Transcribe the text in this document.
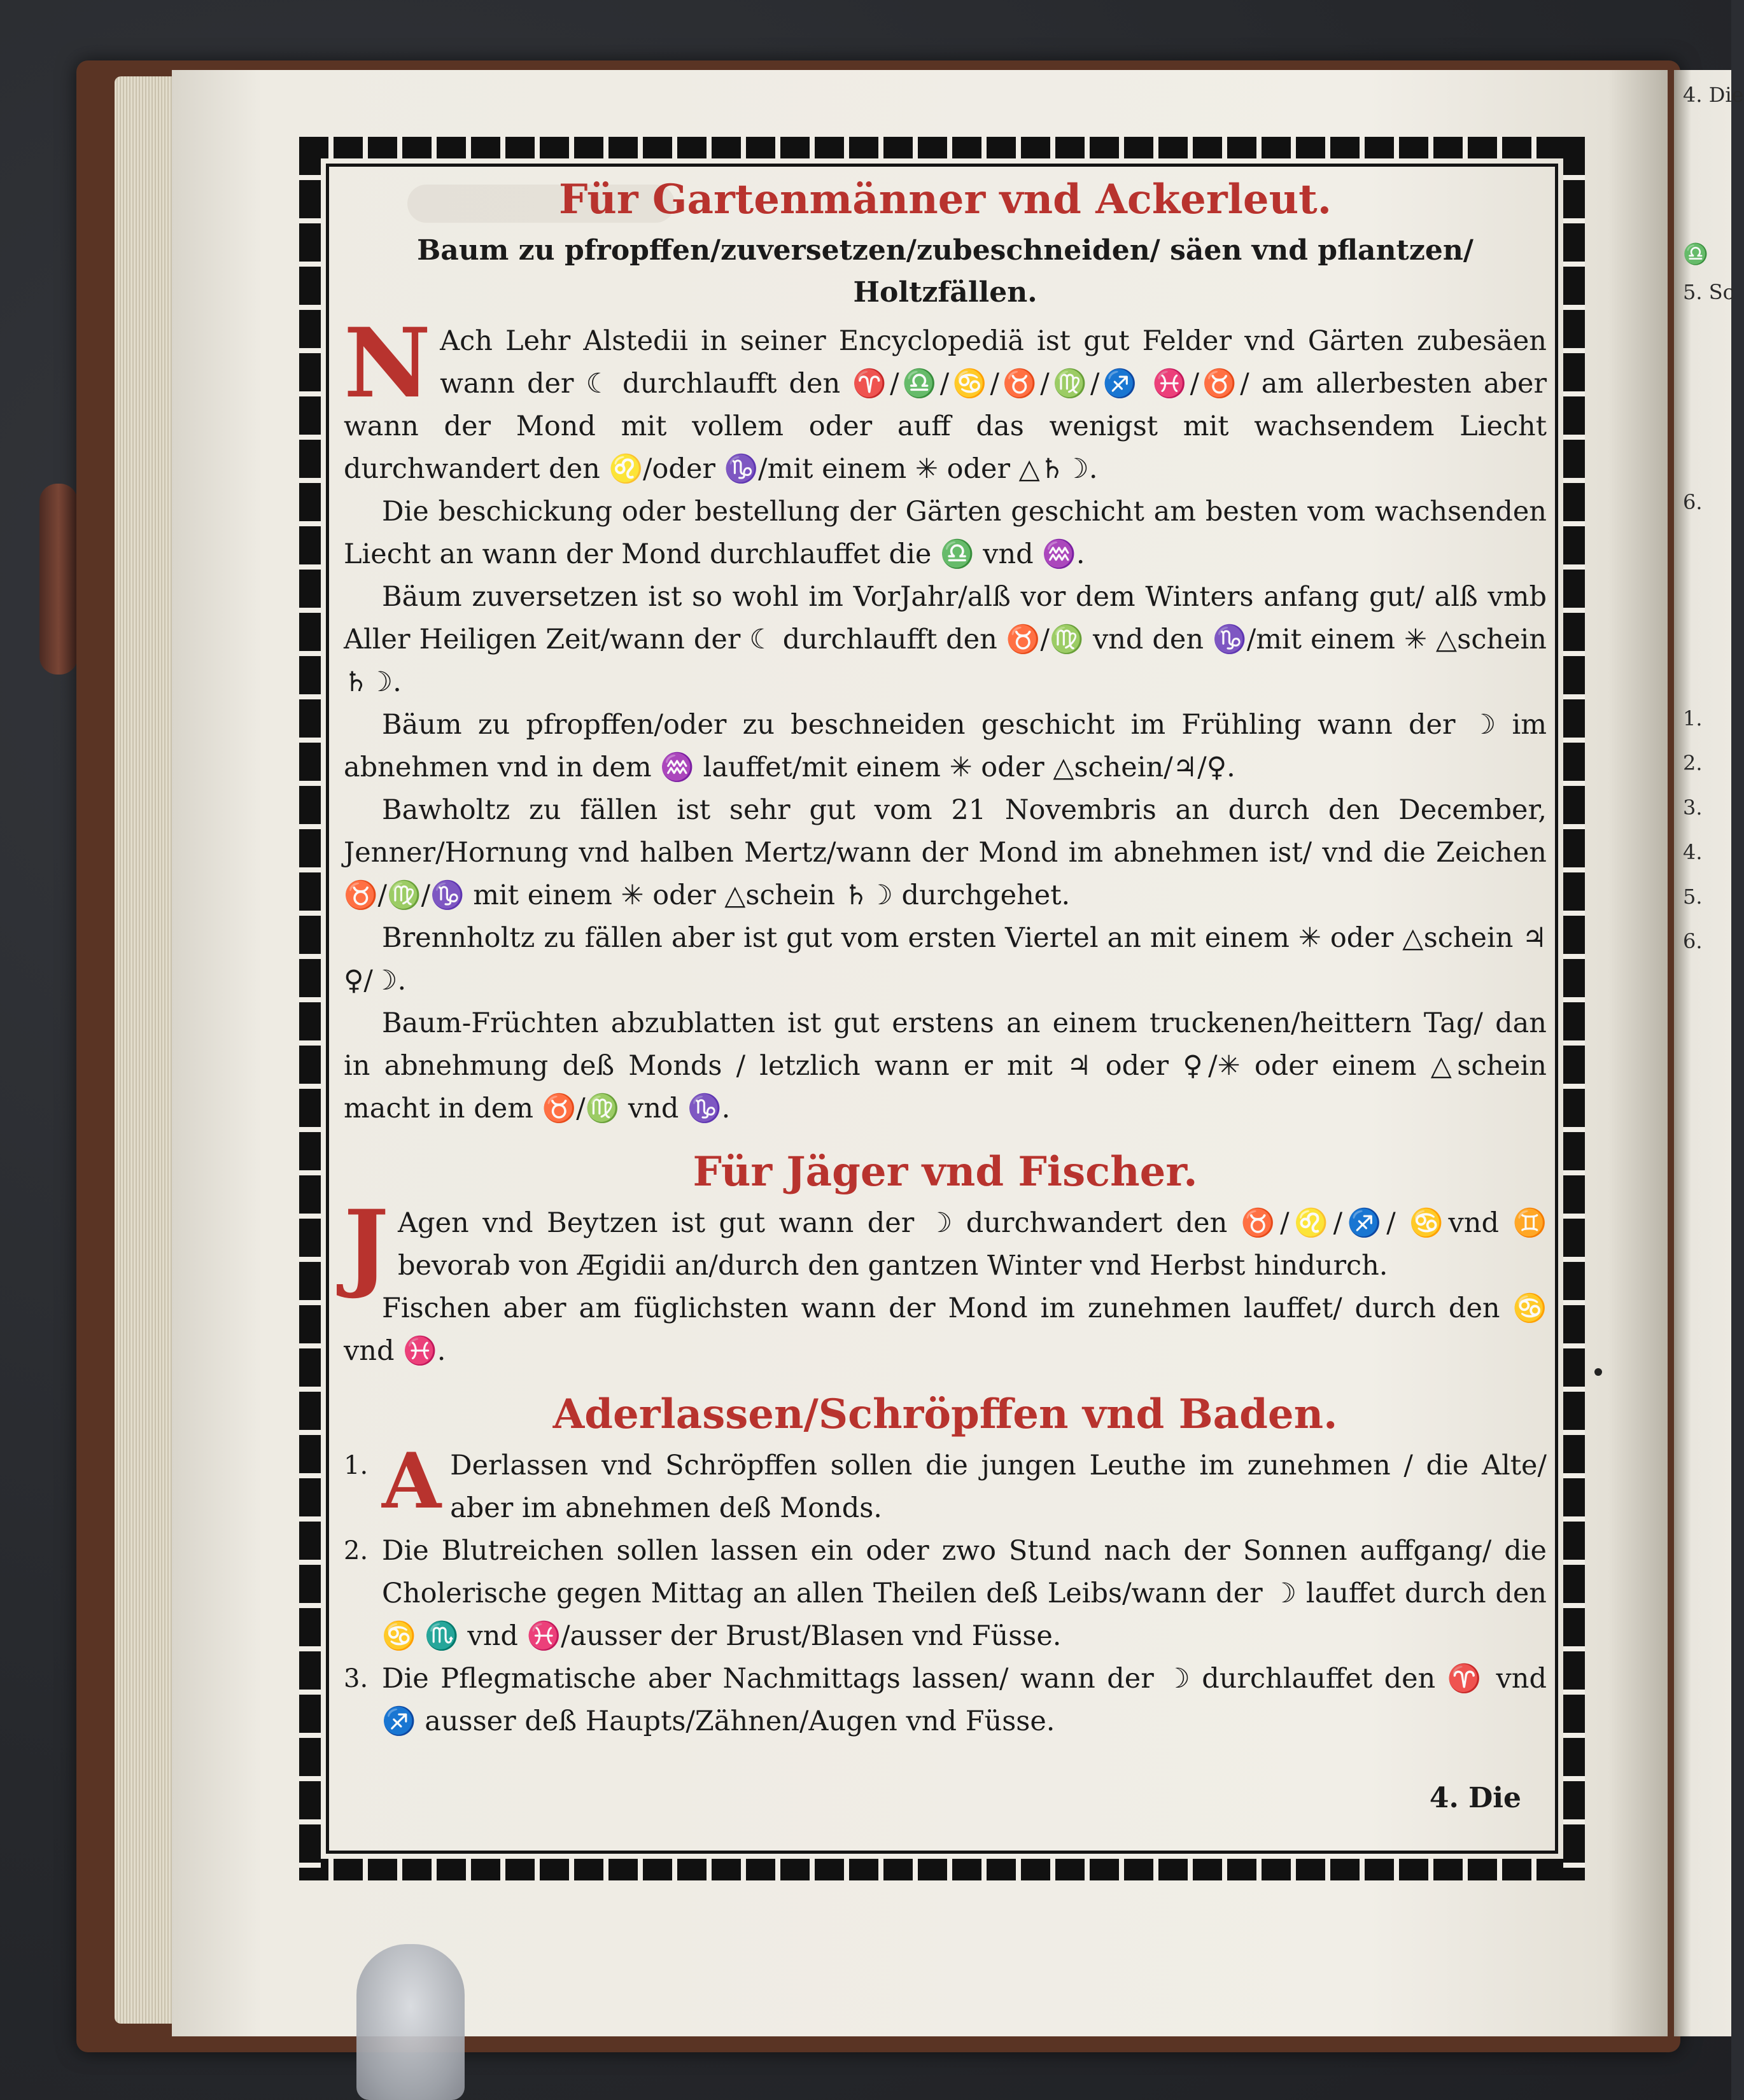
4. Die
♎
5. Sc
6.
1.
2.
3.
4.
5.
6.
Für Gartenmänner vnd Ackerleut.
Baum zu pfropffen/zuversetzen/zubeschneiden/ säen vnd pflantzen/ Holtzfällen.

N Ach Lehr Alstedii in seiner Encyclopediä ist gut Felder vnd Gärten zubesäen wann der ☾ durchlaufft den ♈/♎/♋/♉/♍/♐ ♓/♉/ am allerbesten aber wann der Mond mit vollem oder auff das wenigst mit wachsendem Liecht durchwandert den ♌/oder ♑/mit einem ✳ oder △♄☽.

Die beschickung oder bestellung der Gärten geschicht am besten vom wachsenden Liecht an wann der Mond durchlauffet die ♎ vnd ♒.

Bäum zuversetzen ist so wohl im VorJahr/alß vor dem Winters anfang gut/ alß vmb Aller Heiligen Zeit/wann der ☾ durchlaufft den ♉/♍ vnd den ♑/mit einem ✳ △schein ♄☽.

Bäum zu pfropffen/oder zu beschneiden geschicht im Frühling wann der ☽ im abnehmen vnd in dem ♒ lauffet/mit einem ✳ oder △schein/♃/♀.

Bawholtz zu fällen ist sehr gut vom 21 Novembris an durch den December, Jenner/Hornung vnd halben Mertz/wann der Mond im abnehmen ist/ vnd die Zeichen ♉/♍/♑ mit einem ✳ oder △schein ♄☽ durchgehet.

Brennholtz zu fällen aber ist gut vom ersten Viertel an mit einem ✳ oder △schein ♃ ♀/☽.

Baum-Früchten abzublatten ist gut erstens an einem truckenen/heittern Tag/ dan in abnehmung deß Monds / letzlich wann er mit ♃ oder ♀/✳ oder einem △schein macht in dem ♉/♍ vnd ♑.

Für Jäger vnd Fischer.

J Agen vnd Beytzen ist gut wann der ☽ durchwandert den ♉/♌/♐/ ♋vnd ♊ bevorab von Ægidii an/durch den gantzen Winter vnd Herbst hindurch.

Fischen aber am füglichsten wann der Mond im zunehmen lauffet/ durch den ♋ vnd ♓.

Aderlassen/Schröpffen vnd Baden.
1. A Derlassen vnd Schröpffen sollen die jungen Leuthe im zunehmen / die Alte/ aber im abnehmen deß Monds.
2. Die Blutreichen sollen lassen ein oder zwo Stund nach der Sonnen auffgang/ die Cholerische gegen Mittag an allen Theilen deß Leibs/wann der ☽ lauffet durch den ♋ ♏ vnd ♓/ausser der Brust/Blasen vnd Füsse.
3. Die Pflegmatische aber Nachmittags lassen/ wann der ☽ durchlauffet den ♈ vnd ♐ ausser deß Haupts/Zähnen/Augen vnd Füsse.
4. Die
